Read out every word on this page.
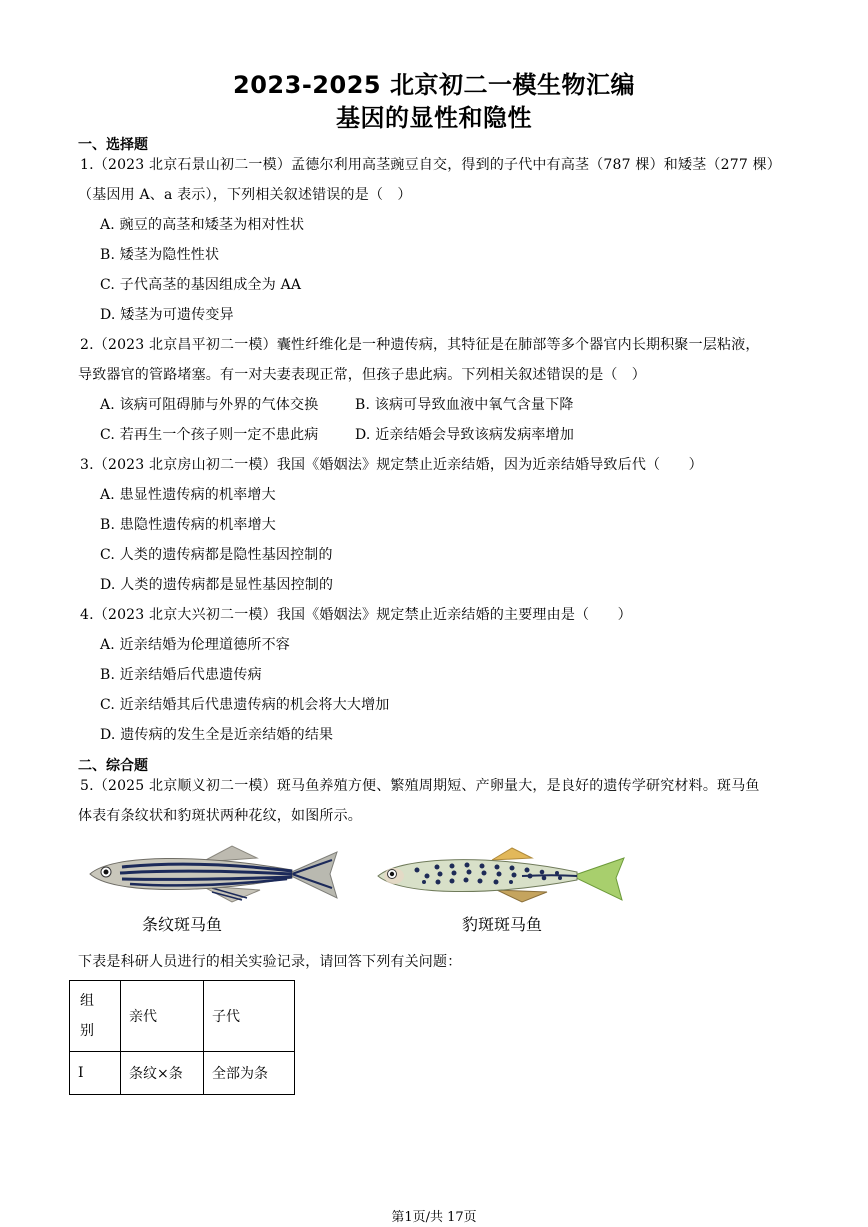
2023-2025 北京初二一模生物汇编
基因的显性和隐性
一、选择题
1.（2023 北京石景山初二一模）孟德尔利用高茎豌豆自交，得到的子代中有高茎（787 棵）和矮茎（277 棵）
（基因用 A、a 表示），下列相关叙述错误的是（　）
A. 豌豆的高茎和矮茎为相对性状
B. 矮茎为隐性性状
C. 子代高茎的基因组成全为 AA
D. 矮茎为可遗传变异
2.（2023 北京昌平初二一模）囊性纤维化是一种遗传病，其特征是在肺部等多个器官内长期积聚一层粘液，
导致器官的管路堵塞。有一对夫妻表现正常，但孩子患此病。下列相关叙述错误的是（　）
A. 该病可阻碍肺与外界的气体交换	B. 该病可导致血液中氧气含量下降
C. 若再生一个孩子则一定不患此病	D. 近亲结婚会导致该病发病率增加
3.（2023 北京房山初二一模）我国《婚姻法》规定禁止近亲结婚，因为近亲结婚导致后代（　　）
A. 患显性遗传病的机率增大
B. 患隐性遗传病的机率增大
C. 人类的遗传病都是隐性基因控制的
D. 人类的遗传病都是显性基因控制的
4.（2023 北京大兴初二一模）我国《婚姻法》规定禁止近亲结婚的主要理由是（　　）
A. 近亲结婚为伦理道德所不容
B. 近亲结婚后代患遗传病
C. 近亲结婚其后代患遗传病的机会将大大增加
D. 遗传病的发生全是近亲结婚的结果
二、综合题
5.（2025 北京顺义初二一模）斑马鱼养殖方便、繁殖周期短、产卵量大，是良好的遗传学研究材料。斑马鱼
体表有条纹状和豹斑状两种花纹，如图所示。
条纹斑马鱼	豹斑斑马鱼
下表是科研人员进行的相关实验记录，请回答下列有关问题：
组
别	亲代	子代
I	条纹×条	全部为条
第1页/共 17页
